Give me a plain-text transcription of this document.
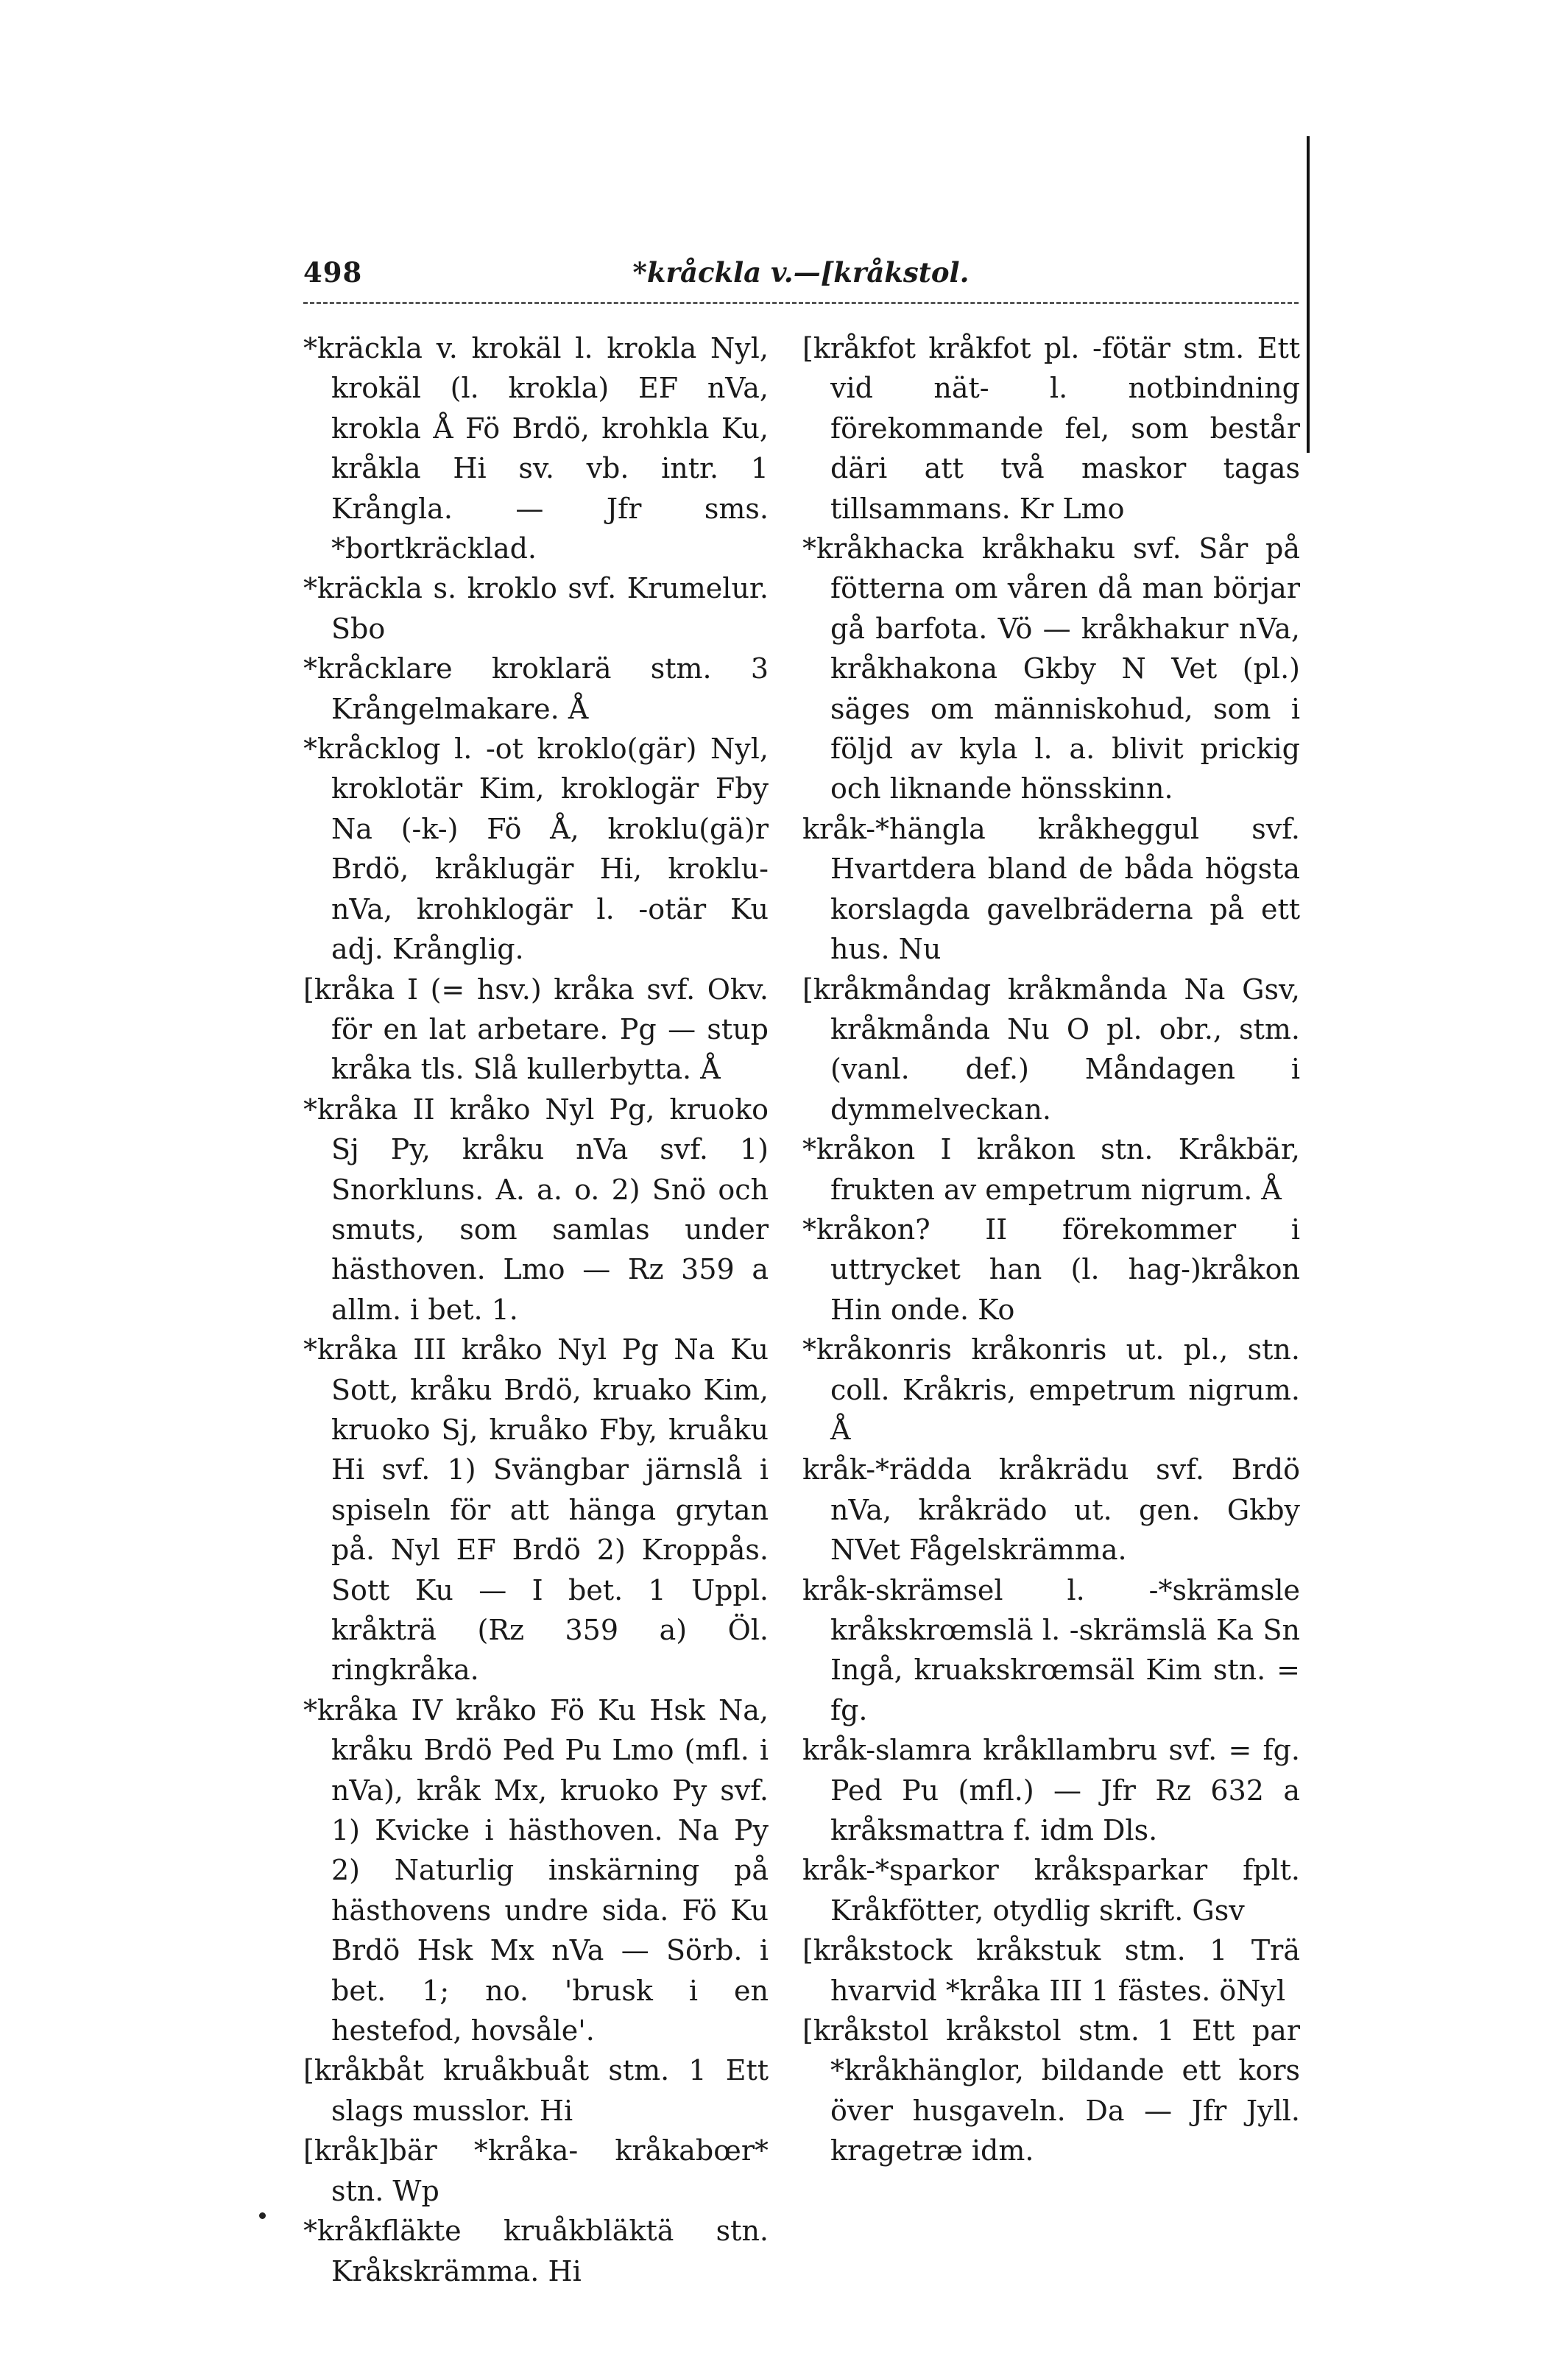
498	*kråckla v.—[kråkstol.

*kräckla v. krokäl l. krokla Nyl, krokäl (l. krokla) EF nVa, krokla Å Fö Brdö, krohkla Ku, kråkla Hi sv. vb. intr. 1 Krångla. — Jfr sms. *bortkräcklad.

*kräckla s. kroklo svf. Krumelur. Sbo

*kråcklare kroklarä stm. 3 Krångelmakare. Å

*kråcklog l. -ot kroklo(gär) Nyl, kroklotär Kim, kroklogär Fby Na (-k-) Fö Å, kroklu(gä)r Brdö, kråklugär Hi, kroklu- nVa, krohklogär l. -otär Ku adj. Krånglig.

[kråka I (= hsv.) kråka svf. Okv. för en lat arbetare. Pg — stup kråka tls. Slå kullerbytta. Å

*kråka II kråko Nyl Pg, kruoko Sj Py, kråku nVa svf. 1) Snorkluns. A. a. o. 2) Snö och smuts, som samlas under hästhoven. Lmo — Rz 359 a allm. i bet. 1.

*kråka III kråko Nyl Pg Na Ku Sott, kråku Brdö, kruako Kim, kruoko Sj, kruåko Fby, kruåku Hi svf. 1) Svängbar järnslå i spiseln för att hänga grytan på. Nyl EF Brdö 2) Kroppås. Sott Ku — I bet. 1 Uppl. kråkträ (Rz 359 a) Öl. ringkråka.

*kråka IV kråko Fö Ku Hsk Na, kråku Brdö Ped Pu Lmo (mfl. i nVa), kråk Mx, kruoko Py svf. 1) Kvicke i hästhoven. Na Py 2) Naturlig inskärning på hästhovens undre sida. Fö Ku Brdö Hsk Mx nVa — Sörb. i bet. 1; no. 'brusk i en hestefod, hovsåle'.

[kråkbåt kruåkbuåt stm. 1 Ett slags musslor. Hi

[kråk]bär *kråka- kråkabœr* stn. Wp

*kråkfläkte kruåkbläktä stn. Kråkskrämma. Hi

[kråkfot kråkfot pl. -fötär stm. Ett vid nät- l. notbindning förekommande fel, som består däri att två maskor tagas tillsammans. Kr Lmo

*kråkhacka kråkhaku svf. Sår på fötterna om våren då man börjar gå barfota. Vö — kråkhakur nVa, kråkhakona Gkby N Vet (pl.) säges om människohud, som i följd av kyla l. a. blivit prickig och liknande hönsskinn.

kråk-*hängla kråkheggul svf. Hvartdera bland de båda högsta korslagda gavelbräderna på ett hus. Nu

[kråkmåndag kråkmånda Na Gsv, kråkmånda Nu O pl. obr., stm. (vanl. def.) Måndagen i dymmelveckan.

*kråkon I kråkon stn. Kråkbär, frukten av empetrum nigrum. Å

*kråkon? II förekommer i uttrycket han (l. hag-)kråkon Hin onde. Ko

*kråkonris kråkonris ut. pl., stn. coll. Kråkris, empetrum nigrum. Å

kråk-*rädda kråkrädu svf. Brdö nVa, kråkrädo ut. gen. Gkby NVet Fågelskrämma.

kråk-skrämsel l. -*skrämsle kråkskrœmslä l. -skrämslä Ka Sn Ingå, kruakskrœmsäl Kim stn. = fg.

kråk-slamra kråkllambru svf. = fg. Ped Pu (mfl.) — Jfr Rz 632 a kråksmattra f. idm Dls.

kråk-*sparkor kråksparkar fplt. Kråkfötter, otydlig skrift. Gsv

[kråkstock kråkstuk stm. 1 Trä hvarvid *kråka III 1 fästes. öNyl

[kråkstol kråkstol stm. 1 Ett par *kråkhänglor, bildande ett kors över husgaveln. Da — Jfr Jyll. kragetræ idm.
